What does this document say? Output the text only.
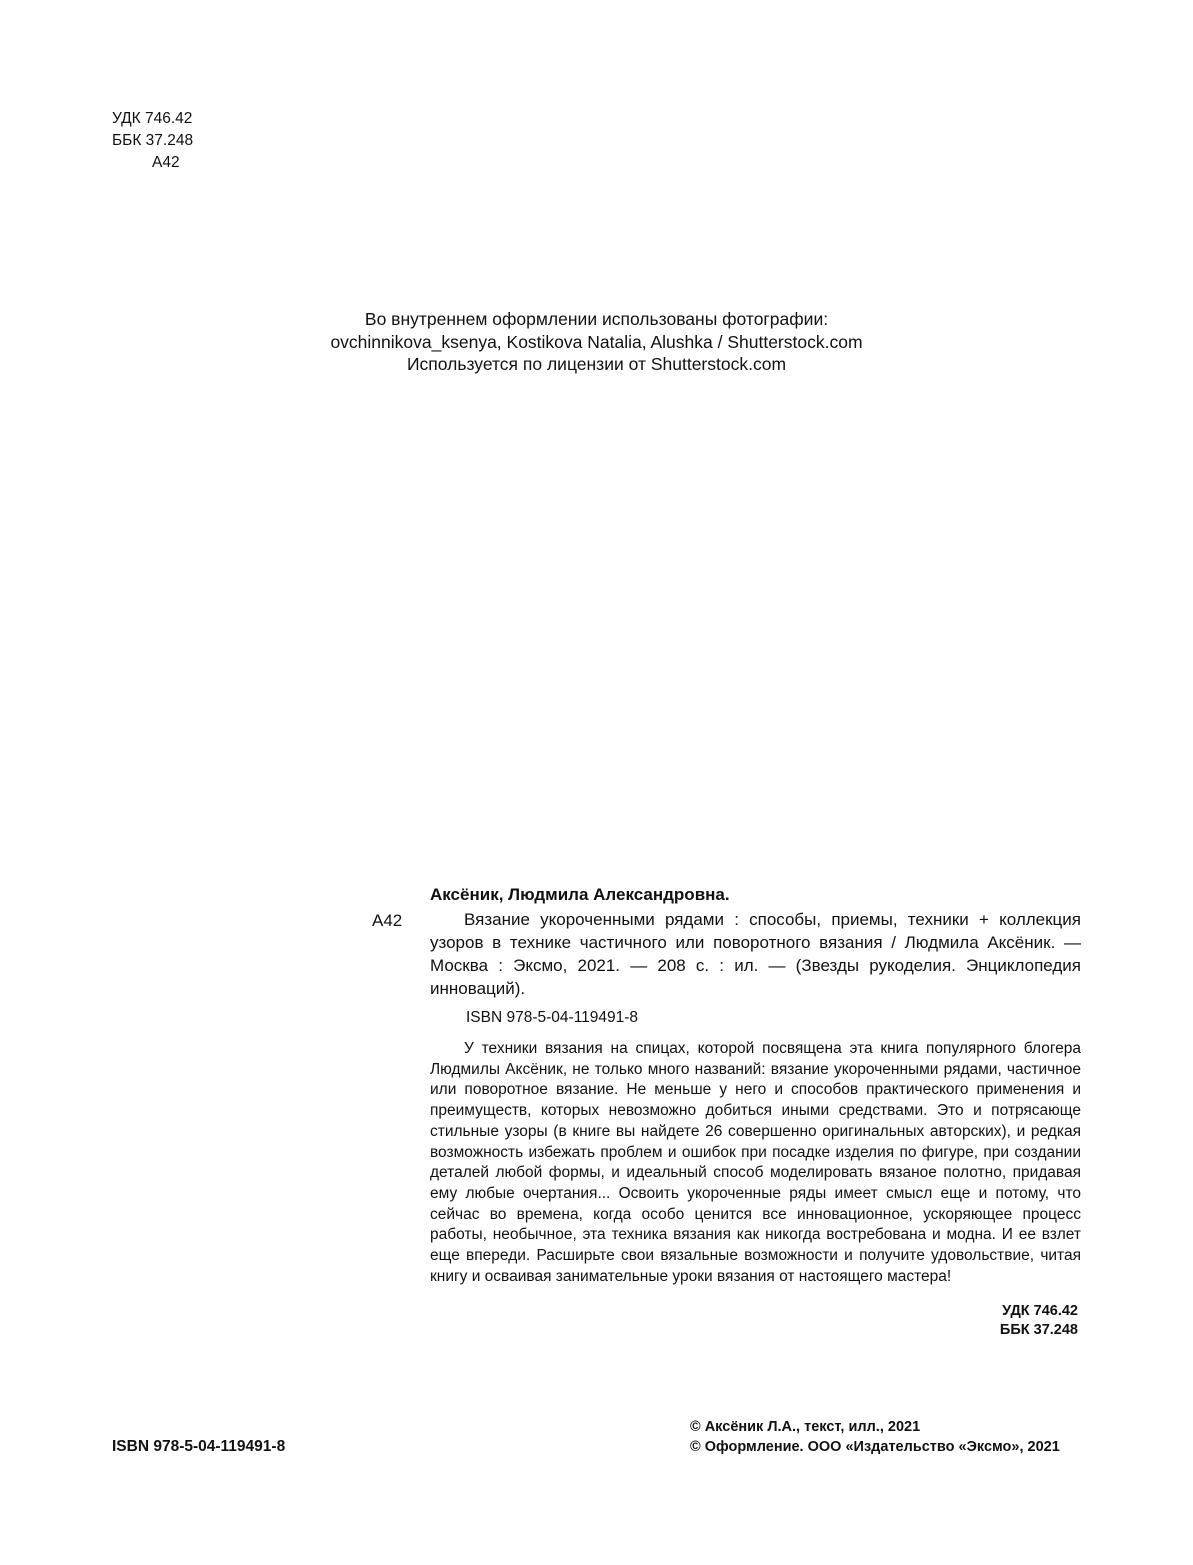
УДК 746.42
ББК 37.248
А42
Во внутреннем оформлении использованы фотографии:
ovchinnikova_ksenya, Kostikova Natalia, Alushka / Shutterstock.com
Используется по лицензии от Shutterstock.com
Аксёник, Людмила Александровна.
А42	Вязание укороченными рядами : способы, приемы, техники + коллекция узоров в технике частичного или поворотного вязания / Людмила Аксёник. — Москва : Эксмо, 2021. — 208 с. : ил. — (Звезды рукоделия. Энциклопедия инноваций).

ISBN 978-5-04-119491-8

У техники вязания на спицах, которой посвящена эта книга популярного блогера Людмилы Аксёник, не только много названий: вязание укороченными рядами, частичное или поворотное вязание. Не меньше у него и способов практического применения и преимуществ, которых невозможно добиться иными средствами. Это и потрясающе стильные узоры (в книге вы найдете 26 совершенно оригинальных авторских), и редкая возможность избежать проблем и ошибок при посадке изделия по фигуре, при создании деталей любой формы, и идеальный способ моделировать вязаное полотно, придавая ему любые очертания... Освоить укороченные ряды имеет смысл еще и потому, что сейчас во времена, когда особо ценится все инновационное, ускоряющее процесс работы, необычное, эта техника вязания как никогда востребована и модна. И ее взлет еще впереди. Расширьте свои вязальные возможности и получите удовольствие, читая книгу и осваивая занимательные уроки вязания от настоящего мастера!

УДК 746.42
ББК 37.248
© Аксёник Л.А., текст, илл., 2021
© Оформление. ООО «Издательство «Эксмо», 2021
ISBN 978-5-04-119491-8
